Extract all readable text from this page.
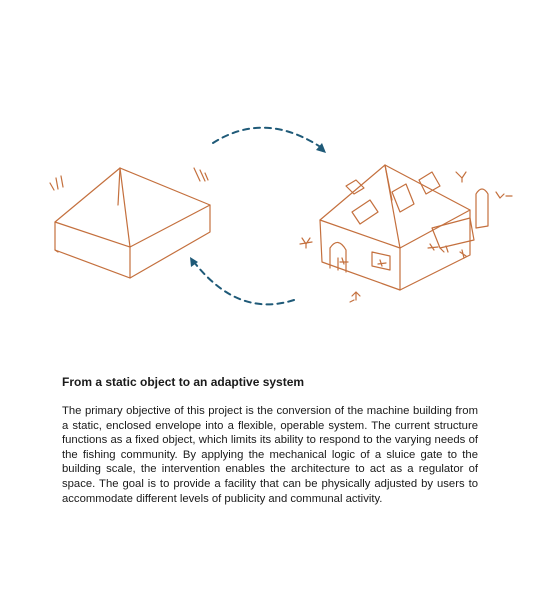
From a static object to an adaptive system

The primary objective of this project is the conversion of the machine building from a static, enclosed envelope into a flexible, operable system. The current structure functions as a fixed object, which limits its ability to respond to the varying needs of the fishing community. By applying the mechanical logic of a sluice gate to the building scale, the intervention enables the architecture to act as a regulator of space. The goal is to provide a facility that can be physically adjusted by users to accommodate different levels of publicity and communal activity.
